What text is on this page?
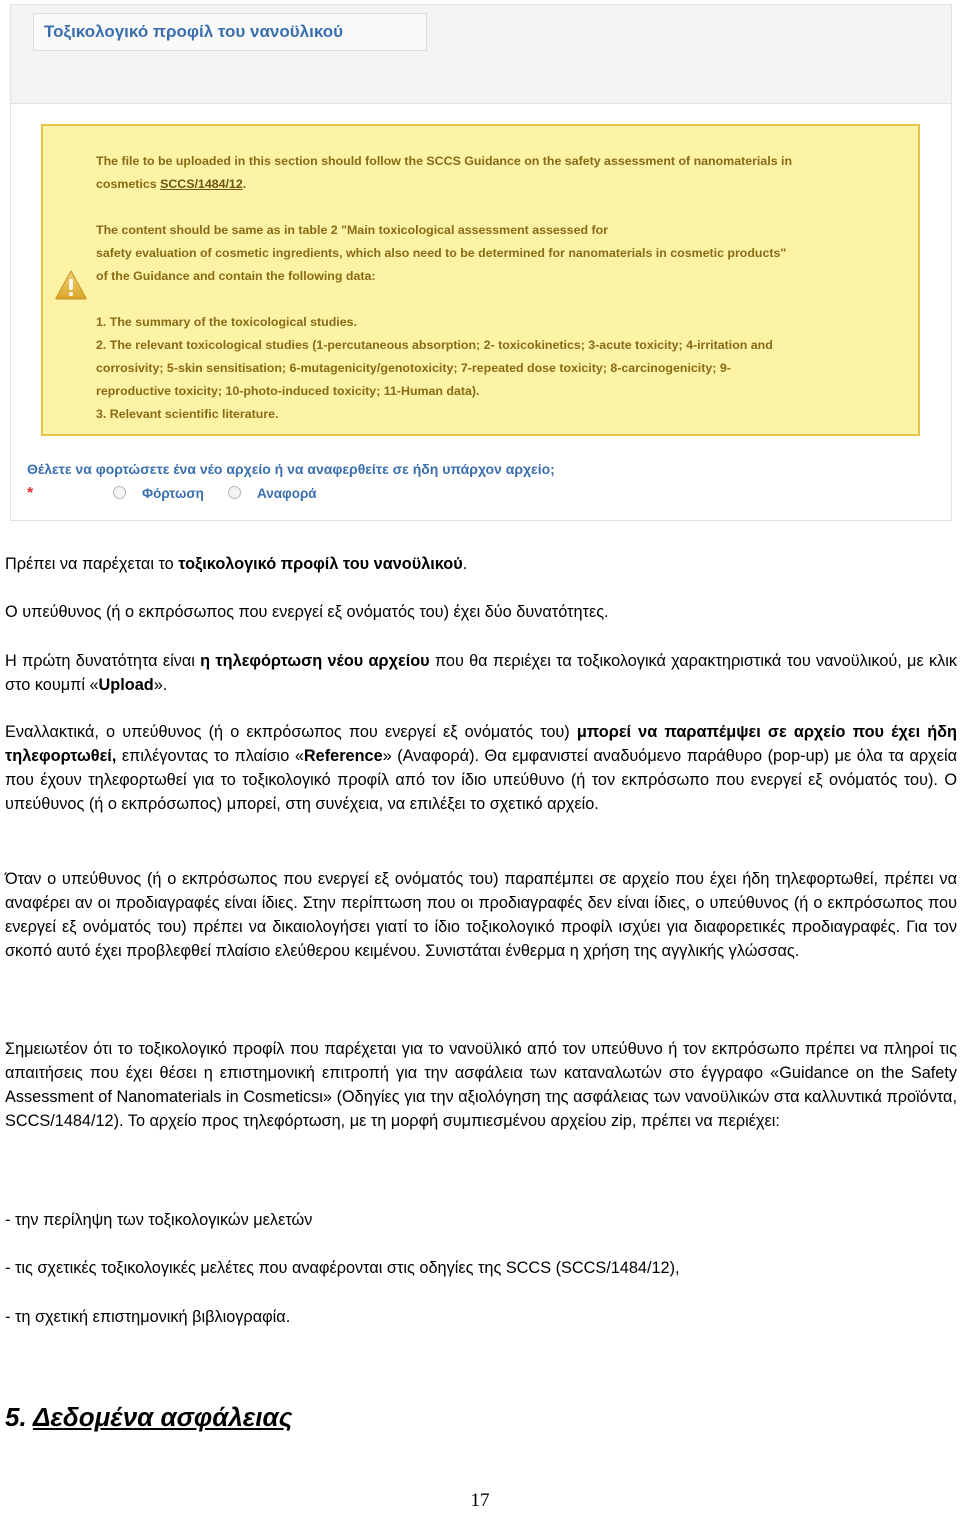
Τοξικολογικό προφίλ του νανοϋλικού

The file to be uploaded in this section should follow the SCCS Guidance on the safety assessment of nanomaterials in

cosmetics SCCS/1484/12.

The content should be same as in table 2 "Main toxicological assessment assessed for

safety evaluation of cosmetic ingredients, which also need to be determined for nanomaterials in cosmetic products"

of the Guidance and contain the following data:

1. The summary of the toxicological studies.

2. The relevant toxicological studies (1-percutaneous absorption; 2- toxicokinetics; 3-acute toxicity; 4-irritation and

corrosivity; 5-skin sensitisation; 6-mutagenicity/genotoxicity; 7-repeated dose toxicity; 8-carcinogenicity; 9-

reproductive toxicity; 10-photo-induced toxicity; 11-Human data).

3. Relevant scientific literature.

Θέλετε να φορτώσετε ένα νέο αρχείο ή να αναφερθείτε σε ήδη υπάρχον αρχείο;
*	Φόρτωση	Αναφορά
Πρέπει να παρέχεται το τοξικολογικό προφίλ του νανοϋλικού.
Ο υπεύθυνος (ή ο εκπρόσωπος που ενεργεί εξ ονόματός του) έχει δύο δυνατότητες.
Η πρώτη δυνατότητα είναι η τηλεφόρτωση νέου αρχείου που θα περιέχει τα τοξικολογικά χαρακτηριστικά του νανοϋλικού, με κλικ στο κουμπί «Upload».
Εναλλακτικά, ο υπεύθυνος (ή ο εκπρόσωπος που ενεργεί εξ ονόματός του) μπορεί να παραπέμψει σε αρχείο που έχει ήδη τηλεφορτωθεί, επιλέγοντας το πλαίσιο «Reference» (Αναφορά). Θα εμφανιστεί αναδυόμενο παράθυρο (pop-up) με όλα τα αρχεία που έχουν τηλεφορτωθεί για το τοξικολογικό προφίλ από τον ίδιο υπεύθυνο (ή τον εκπρόσωπο που ενεργεί εξ ονόματός του). Ο υπεύθυνος (ή ο εκπρόσωπος) μπορεί, στη συνέχεια, να επιλέξει το σχετικό αρχείο.
Όταν ο υπεύθυνος (ή ο εκπρόσωπος που ενεργεί εξ ονόματός του) παραπέμπει σε αρχείο που έχει ήδη τηλεφορτωθεί, πρέπει να αναφέρει αν οι προδιαγραφές είναι ίδιες. Στην περίπτωση που οι προδιαγραφές δεν είναι ίδιες, ο υπεύθυνος (ή ο εκπρόσωπος που ενεργεί εξ ονόματός του) πρέπει να δικαιολογήσει γιατί το ίδιο τοξικολογικό προφίλ ισχύει για διαφορετικές προδιαγραφές. Για τον σκοπό αυτό έχει προβλεφθεί πλαίσιο ελεύθερου κειμένου. Συνιστάται ένθερμα η χρήση της αγγλικής γλώσσας.
Σημειωτέον ότι το τοξικολογικό προφίλ που παρέχεται για το νανοϋλικό από τον υπεύθυνο ή τον εκπρόσωπο πρέπει να πληροί τις απαιτήσεις που έχει θέσει η επιστημονική επιτροπή για την ασφάλεια των καταναλωτών στο έγγραφο «Guidance on the Safety Assessment of Nanomaterials in Cosmeticsι» (Οδηγίες για την αξιολόγηση της ασφάλειας των νανοϋλικών στα καλλυντικά προϊόντα, SCCS/1484/12). Το αρχείο προς τηλεφόρτωση, με τη μορφή συμπιεσμένου αρχείου zip, πρέπει να περιέχει:
- την περίληψη των τοξικολογικών μελετών
- τις σχετικές τοξικολογικές μελέτες που αναφέρονται στις οδηγίες της SCCS (SCCS/1484/12),
- τη σχετική επιστημονική βιβλιογραφία.
5. Δεδομένα ασφάλειας
17
